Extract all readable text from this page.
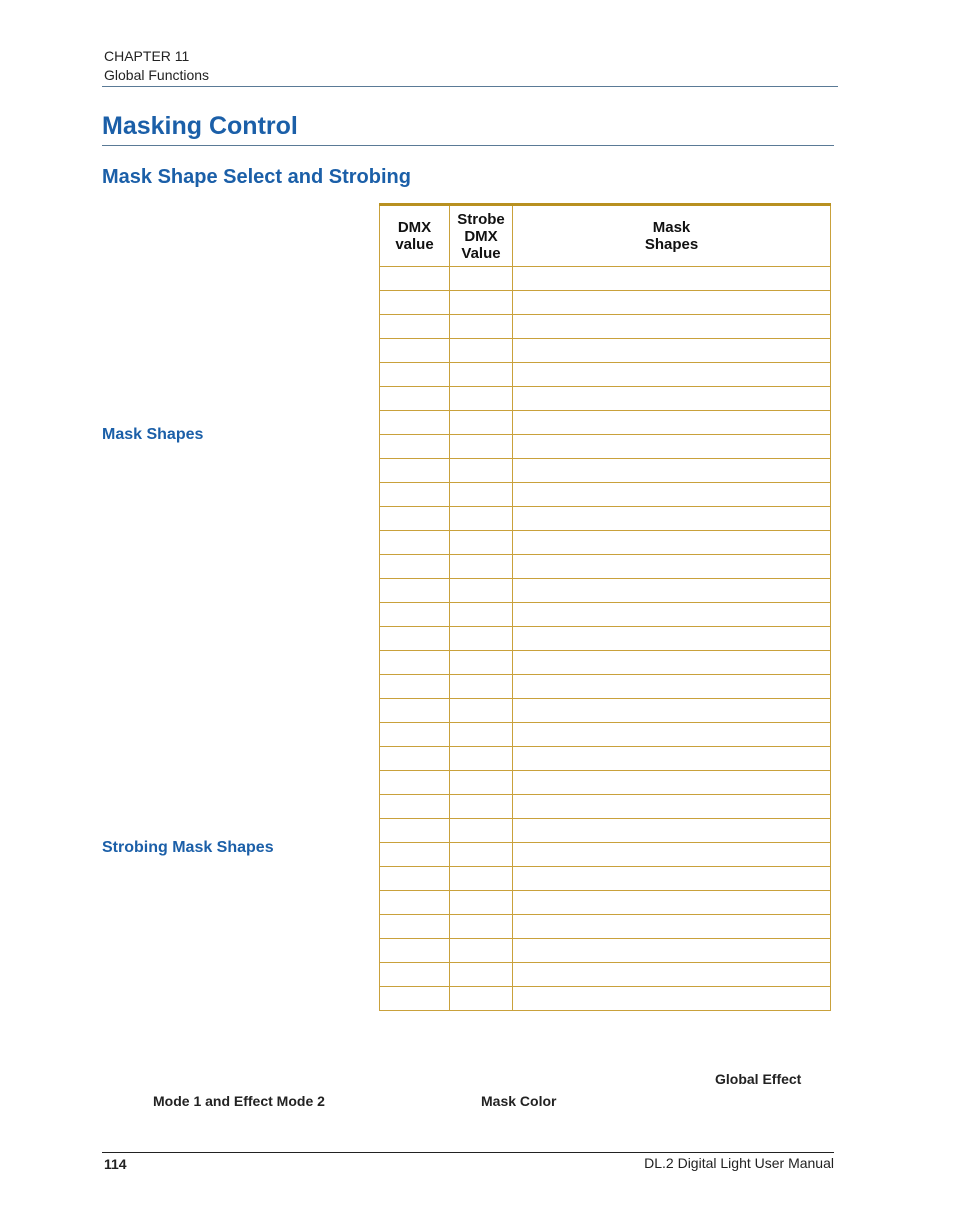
CHAPTER 11
Global Functions
Masking Control
Mask Shape Select and Strobing
Mask Shapes
Strobing Mask Shapes
DMX value	Strobe DMX Value	Mask Shapes

Global Effect
Mode 1 and Effect Mode 2	Mask Color
114	DL.2 Digital Light User Manual
